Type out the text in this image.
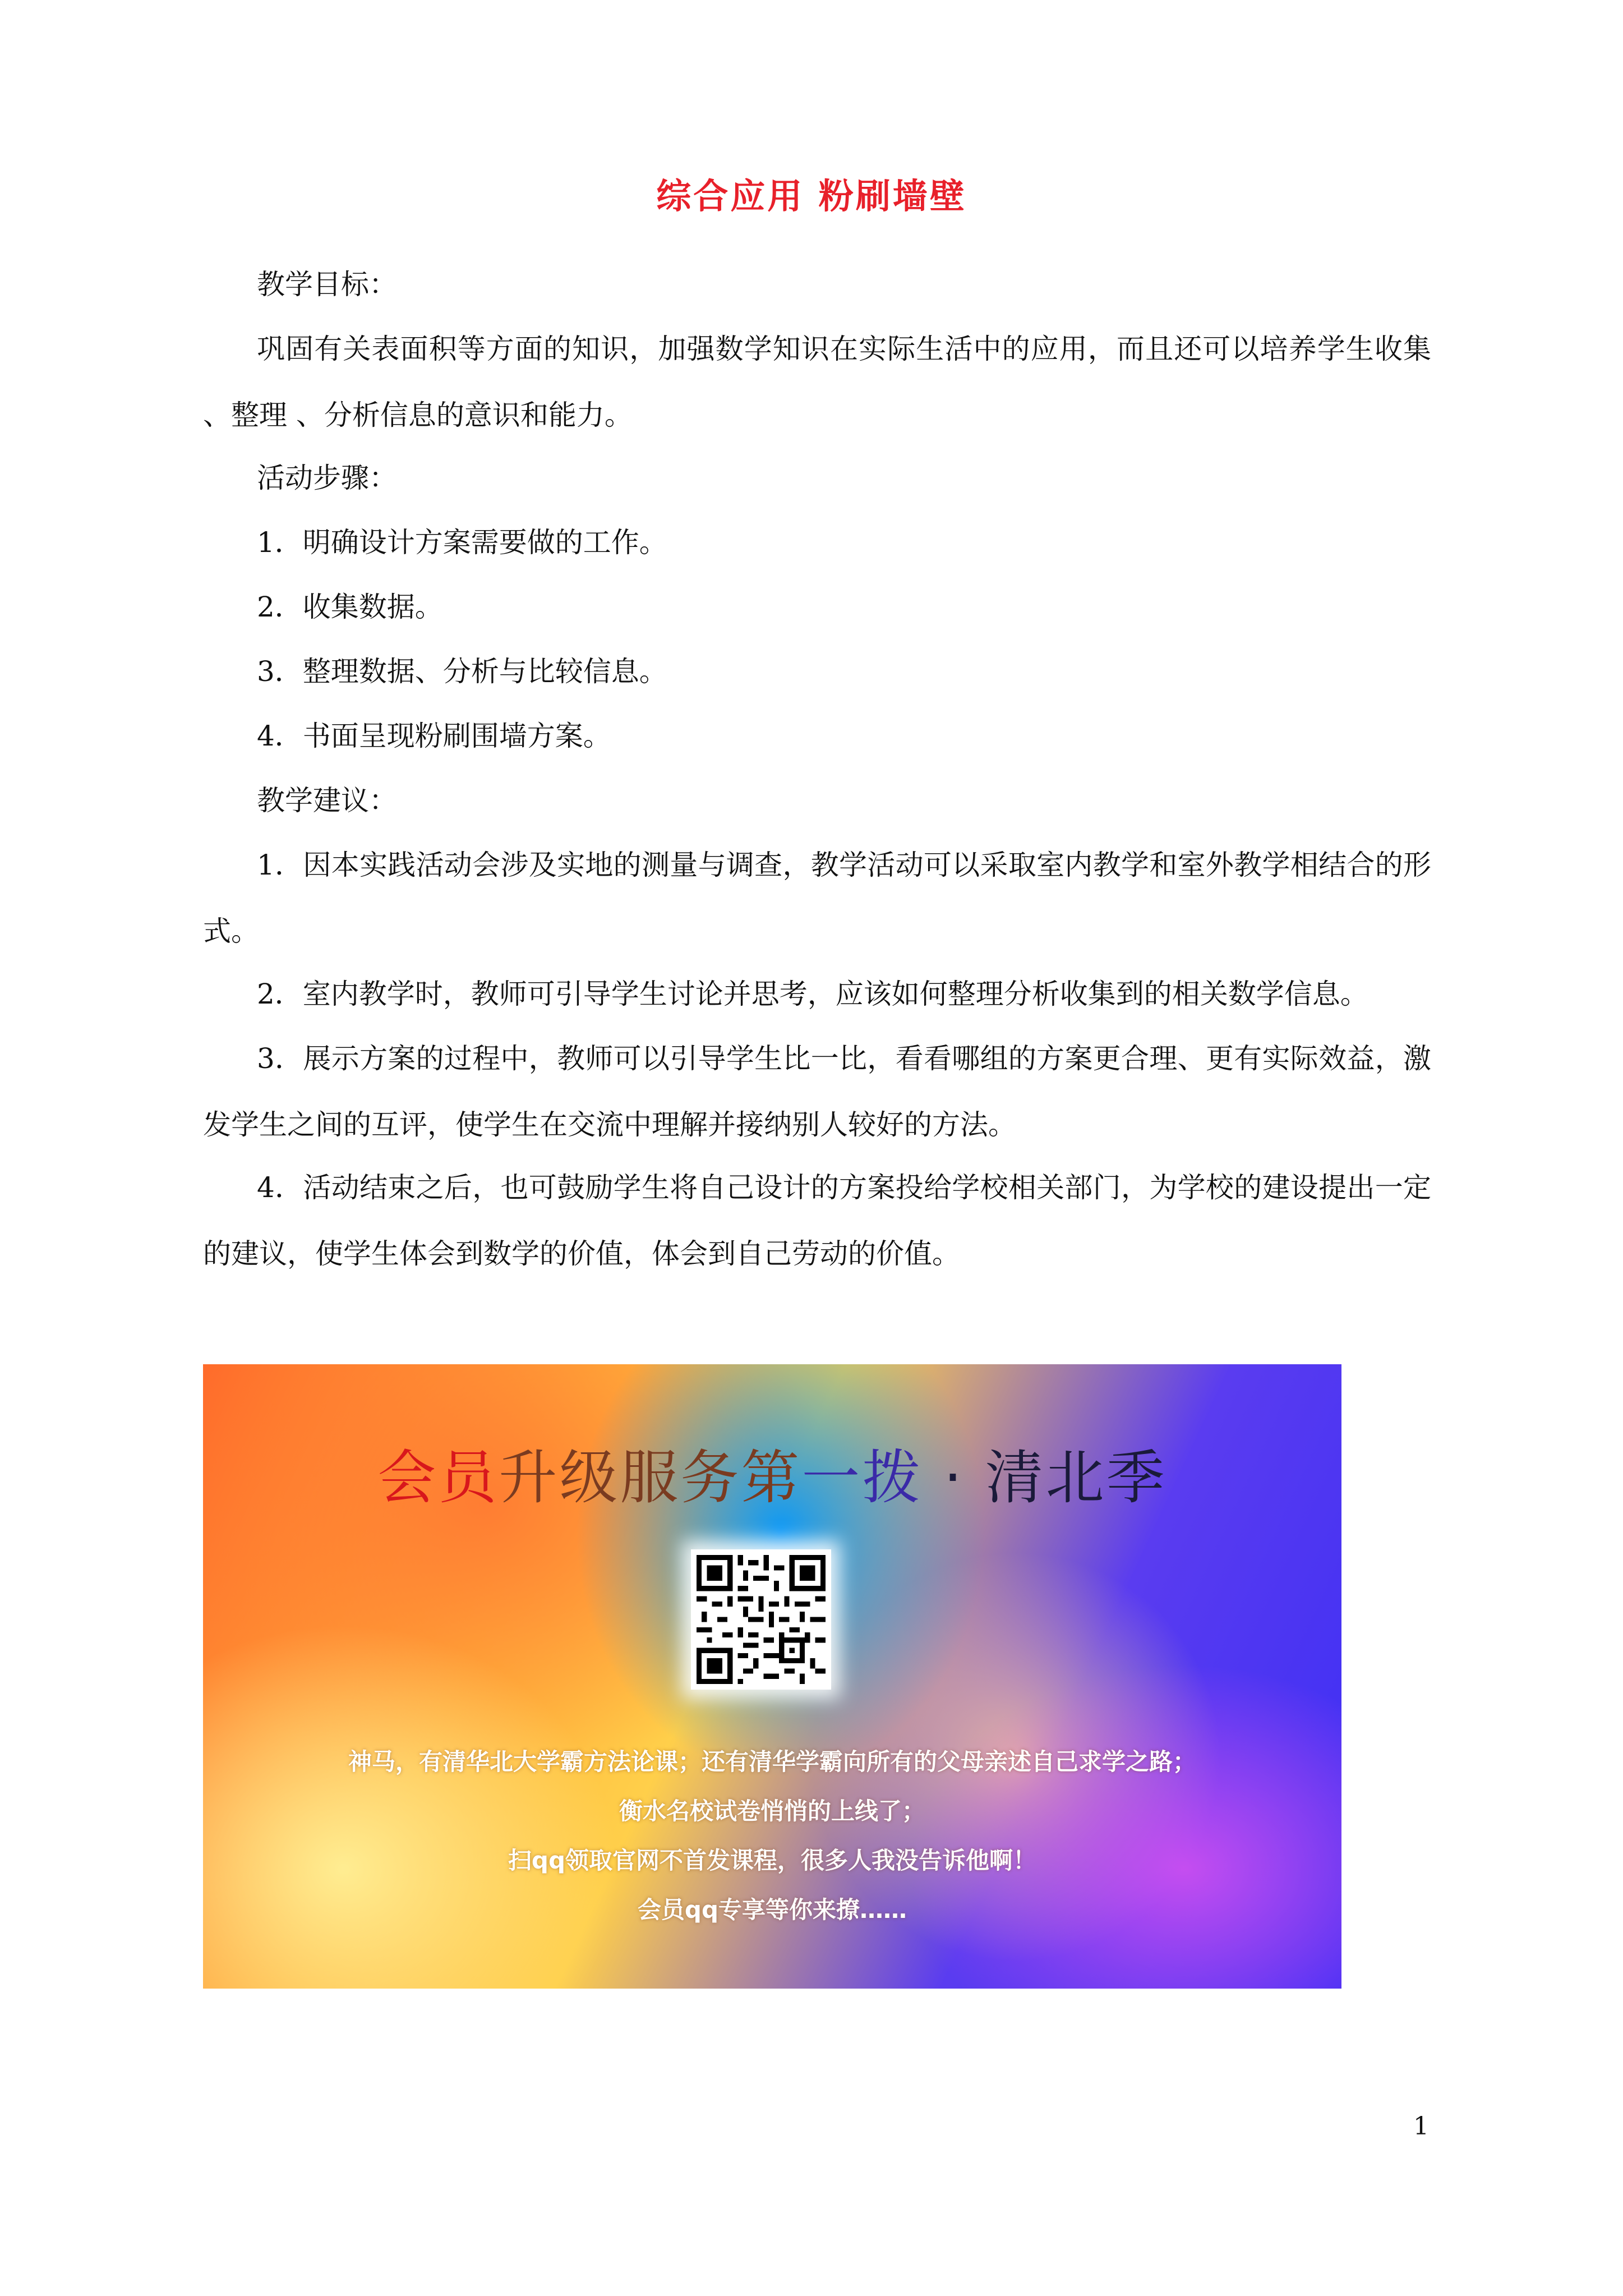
综合应用 粉刷墙壁

教学目标：

巩固有关表面积等方面的知识，加强数学知识在实际生活中的应用，而且还可以培养学生收集 、整理 、分析信息的意识和能力。

活动步骤：

1．明确设计方案需要做的工作。

2．收集数据。

3．整理数据、分析与比较信息。

4．书面呈现粉刷围墙方案。

教学建议：

1．因本实践活动会涉及实地的测量与调查，教学活动可以采取室内教学和室外教学相结合的形式。

2．室内教学时，教师可引导学生讨论并思考，应该如何整理分析收集到的相关数学信息。

3．展示方案的过程中，教师可以引导学生比一比，看看哪组的方案更合理、更有实际效益，激发学生之间的互评，使学生在交流中理解并接纳别人较好的方法。

4．活动结束之后，也可鼓励学生将自己设计的方案投给学校相关部门，为学校的建设提出一定的建议，使学生体会到数学的价值，体会到自己劳动的价值。

会员升级服务第一拨 · 清北季
神马，有清华北大学霸方法论课；还有清华学霸向所有的父母亲述自己求学之路；
衡水名校试卷悄悄的上线了；
扫qq领取官网不首发课程，很多人我没告诉他啊！
会员qq专享等你来撩……
1
